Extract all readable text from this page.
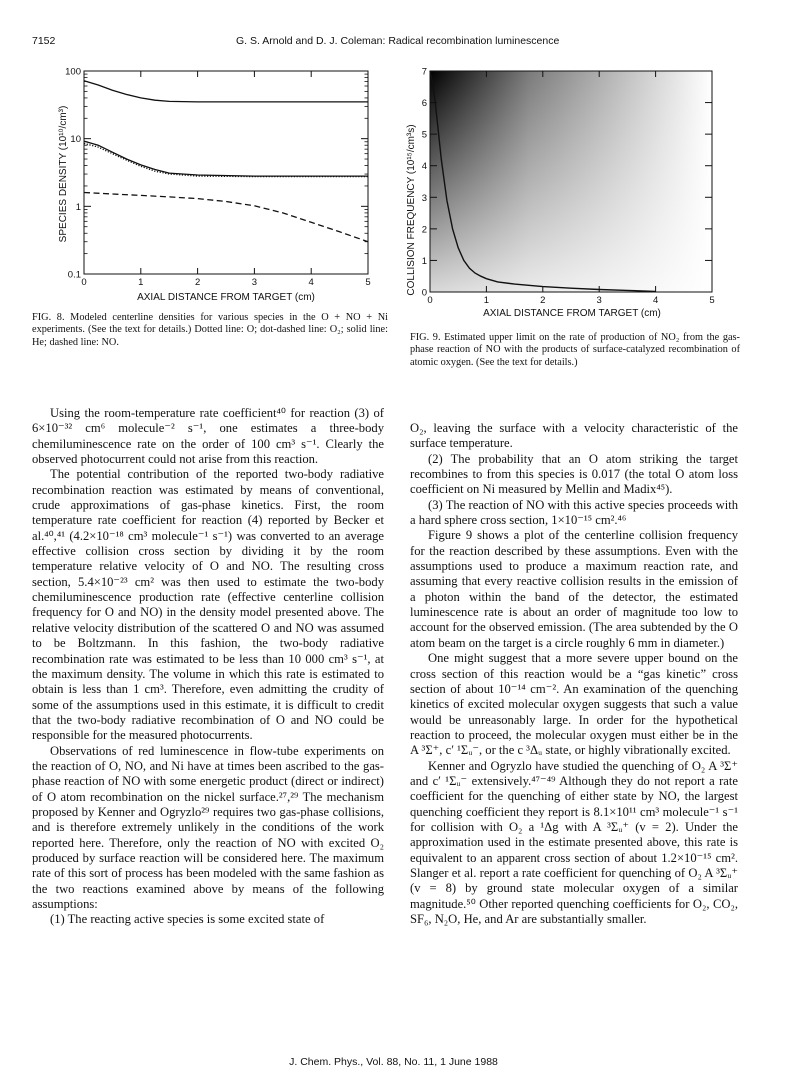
7152	G. S. Arnold and D. J. Coleman: Radical recombination luminescence
0	1	2	3	4	5
0.1
1
10
100
AXIAL DISTANCE FROM TARGET (cm)
SPECIES DENSITY (10¹⁰/cm³)
FIG. 8. Modeled centerline densities for various species in the O + NO + Ni experiments. (See the text for details.) Dotted line: O; dot-dashed line: O₂; solid line: He; dashed line: NO.
0	1	2	3	4	5
0
1
2
3
4
5
6
7
AXIAL DISTANCE FROM TARGET (cm)
COLLISION FREQUENCY (10¹⁵/cm³s)
FIG. 9. Estimated upper limit on the rate of production of NO₂ from the gas-phase reaction of NO with the products of surface-catalyzed recombination of atomic oxygen. (See the text for details.)

Using the room-temperature rate coefficient⁴⁰ for reaction (3) of 6×10⁻³² cm⁶ molecule⁻² s⁻¹, one estimates a three-body chemiluminescence rate on the order of 100 cm³ s⁻¹. Clearly the observed photocurrent could not arise from this reaction.

The potential contribution of the reported two-body radiative recombination reaction was estimated by means of conventional, crude approximations of gas-phase kinetics. First, the room temperature rate coefficient for reaction (4) reported by Becker et al.⁴⁰,⁴¹ (4.2×10⁻¹⁸ cm³ molecule⁻¹ s⁻¹) was converted to an average effective collision cross section by dividing it by the room temperature relative velocity of O and NO. The resulting cross section, 5.4×10⁻²³ cm² was then used to estimate the two-body chemiluminescence production rate (effective centerline collision frequency for O and NO) in the density model presented above. The relative velocity distribution of the scattered O and NO was assumed to be Boltzmann. In this fashion, the two-body radiative recombination rate was estimated to be less than 10 000 cm³ s⁻¹, at the maximum density. The volume in which this rate is estimated to obtain is less than 1 cm³. Therefore, even admitting the crudity of some of the assumptions used in this estimate, it is difficult to credit that the two-body radiative recombination of O and NO could be responsible for the measured photocurrents.

Observations of red luminescence in flow-tube experiments on the reaction of O, NO, and Ni have at times been ascribed to the gas-phase reaction of NO with some energetic product (direct or indirect) of O atom recombination on the nickel surface.²⁷,²⁹ The mechanism proposed by Kenner and Ogryzlo²⁹ requires two gas-phase collisions, and is therefore extremely unlikely in the conditions of the work reported here. Therefore, only the reaction of NO with excited O₂ produced by surface reaction will be considered here. The maximum rate of this sort of process has been modeled with the same fashion as the two reactions examined above by means of the following assumptions:

(1) The reacting active species is some excited state of

O₂, leaving the surface with a velocity characteristic of the surface temperature.

(2) The probability that an O atom striking the target recombines to from this species is 0.017 (the total O atom loss coefficient on Ni measured by Mellin and Madix⁴⁵).

(3) The reaction of NO with this active species proceeds with a hard sphere cross section, 1×10⁻¹⁵ cm².⁴⁶

Figure 9 shows a plot of the centerline collision frequency for the reaction described by these assumptions. Even with the assumptions used to produce a maximum reaction rate, and assuming that every reactive collision results in the emission of a photon within the band of the detector, the estimated luminescence rate is about an order of magnitude too low to account for the observed emission. (The area subtended by the O atom beam on the target is a circle roughly 6 mm in diameter.)

One might suggest that a more severe upper bound on the cross section of this reaction would be a “gas kinetic” cross section of about 10⁻¹⁴ cm⁻². An examination of the quenching kinetics of excited molecular oxygen suggests that such a value would be unreasonably large. In order for the hypothetical reaction to proceed, the molecular oxygen must either be in the A ³Σ⁺, c′ ¹Σᵤ⁻, or the c ³Δᵤ state, or highly vibrationally excited.

Kenner and Ogryzlo have studied the quenching of O₂ A ³Σ⁺ and c′ ¹Σᵤ⁻ extensively.⁴⁷⁻⁴⁹ Although they do not report a rate coefficient for the quenching of either state by NO, the largest quenching coefficient they report is 8.1×10¹¹ cm³ molecule⁻¹ s⁻¹ for collision with O₂ a ¹Δg with A ³Σᵤ⁺ (v = 2). Under the approximation used in the estimate presented above, this rate is equivalent to an apparent cross section of about 1.2×10⁻¹⁵ cm². Slanger et al. report a rate coefficient for quenching of O₂ A ³Σᵤ⁺ (v = 8) by ground state molecular oxygen of a similar magnitude.⁵⁰ Other reported quenching coefficients for O₂, CO₂, SF₆, N₂O, He, and Ar are substantially smaller.

J. Chem. Phys., Vol. 88, No. 11, 1 June 1988
